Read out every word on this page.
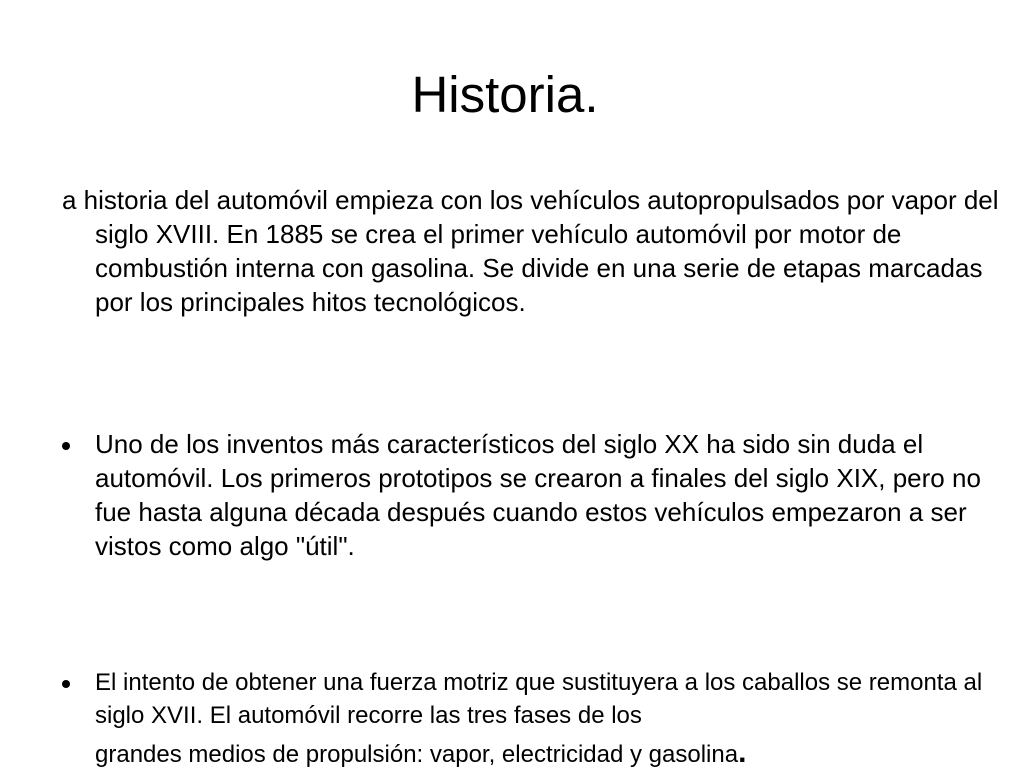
Historia.

a historia del automóvil empieza con los vehículos autopropulsados por vapor del siglo XVIII. En 1885 se crea el primer vehículo automóvil por motor de combustión interna con gasolina. Se divide en una serie de etapas marcadas por los principales hitos tecnológicos.

Uno de los inventos más característicos del siglo XX ha sido sin duda el automóvil. Los primeros prototipos se crearon a finales del siglo XIX, pero no fue hasta alguna década después cuando estos vehículos empezaron a ser vistos como algo "útil".
El intento de obtener una fuerza motriz que sustituyera a los caballos se remonta al siglo XVII. El automóvil recorre las tres fases de los
grandes medios de propulsión: vapor, electricidad y gasolina.
